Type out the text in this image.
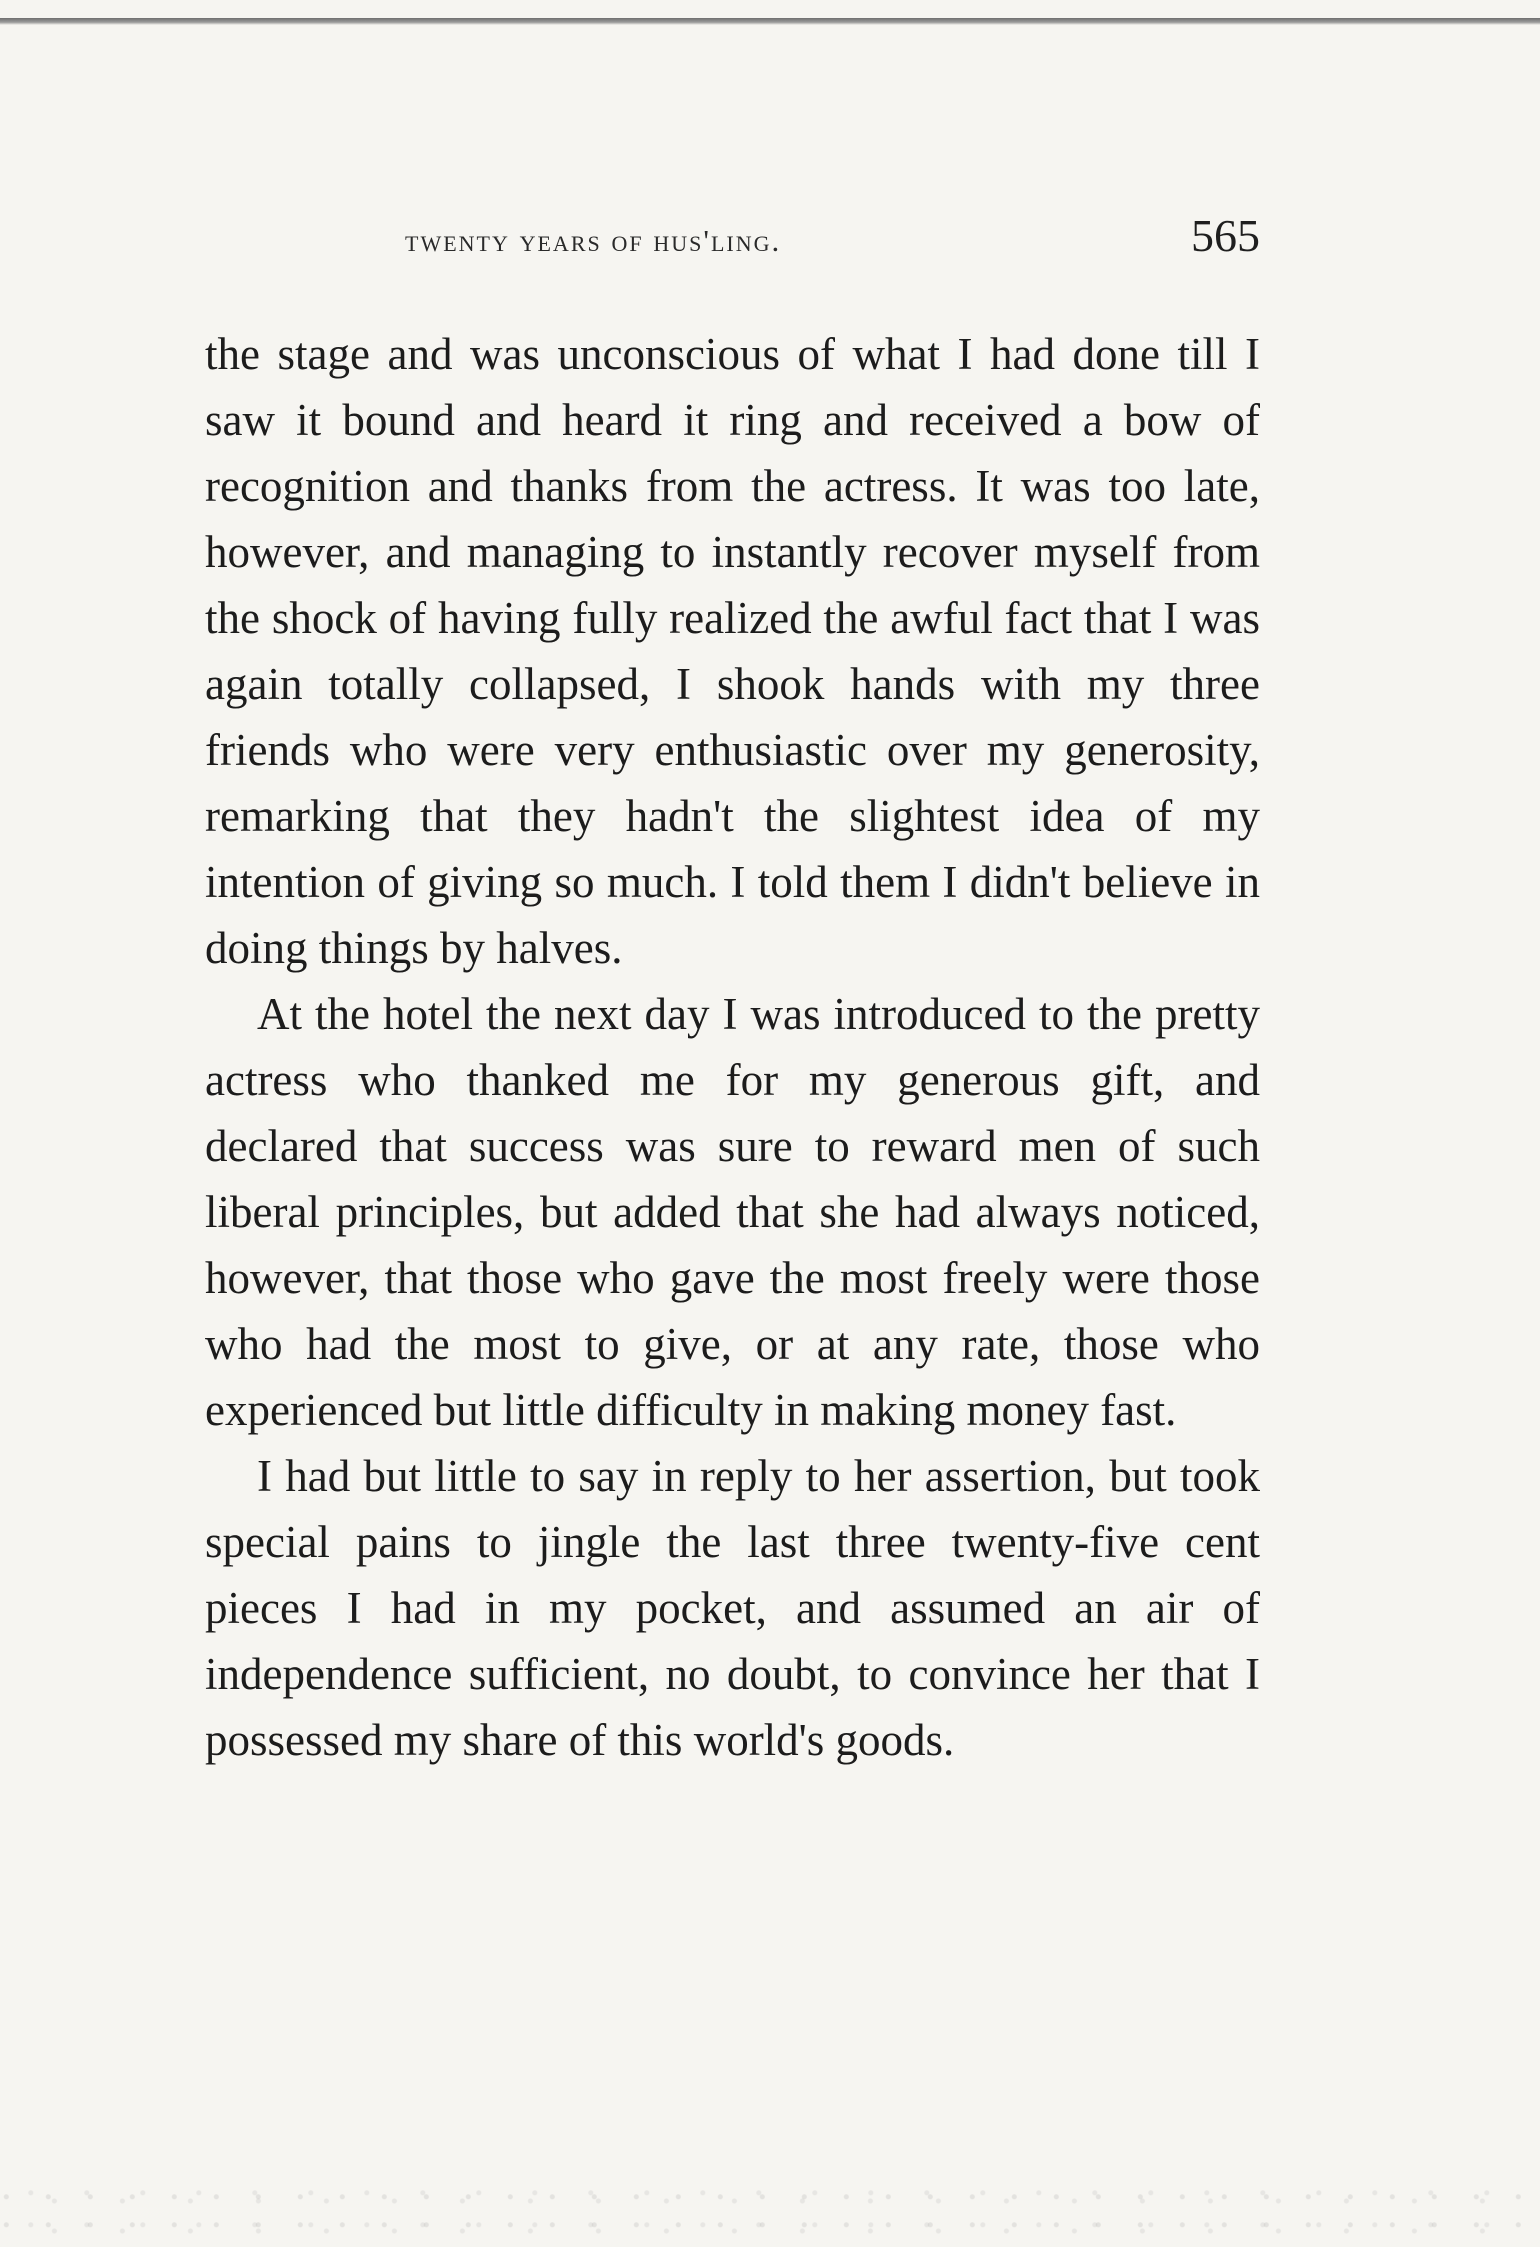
twenty years of hus'ling.	565

the stage and was unconscious of what I had done till I saw it bound and heard it ring and received a bow of recognition and thanks from the actress. It was too late, however, and managing to instantly recover myself from the shock of having fully realized the awful fact that I was again totally collapsed, I shook hands with my three friends who were very enthusiastic over my generosity, remarking that they hadn't the slightest idea of my intention of giving so much. I told them I didn't believe in doing things by halves.

At the hotel the next day I was introduced to the pretty actress who thanked me for my generous gift, and declared that success was sure to reward men of such liberal principles, but added that she had always noticed, however, that those who gave the most freely were those who had the most to give, or at any rate, those who experienced but little difficulty in making money fast.

I had but little to say in reply to her assertion, but took special pains to jingle the last three twenty-five cent pieces I had in my pocket, and assumed an air of independence sufficient, no doubt, to convince her that I possessed my share of this world's goods.
